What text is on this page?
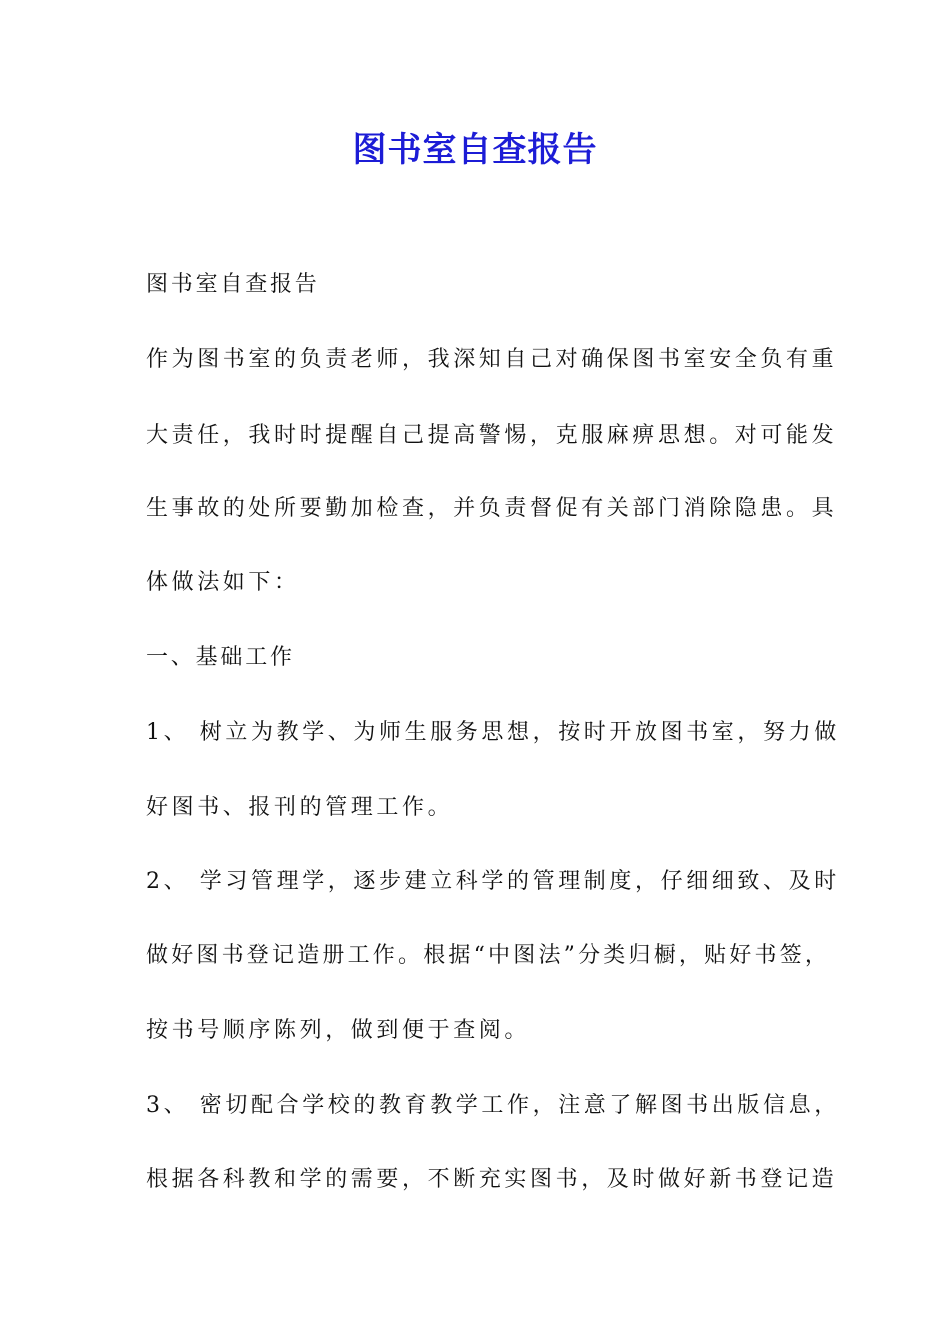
图书室自查报告
图书室自查报告
作为图书室的负责老师，我深知自己对确保图书室安全负有重
大责任，我时时提醒自己提高警惕，克服麻痹思想。对可能发
生事故的处所要勤加检查，并负责督促有关部门消除隐患。具
体做法如下：
一、基础工作
1、 树立为教学、为师生服务思想，按时开放图书室，努力做
好图书、报刊的管理工作。
2、 学习管理学，逐步建立科学的管理制度，仔细细致、及时
做好图书登记造册工作。根据“中图法”分类归橱，贴好书签，
按书号顺序陈列，做到便于查阅。
3、 密切配合学校的教育教学工作，注意了解图书出版信息，
根据各科教和学的需要，不断充实图书，及时做好新书登记造
